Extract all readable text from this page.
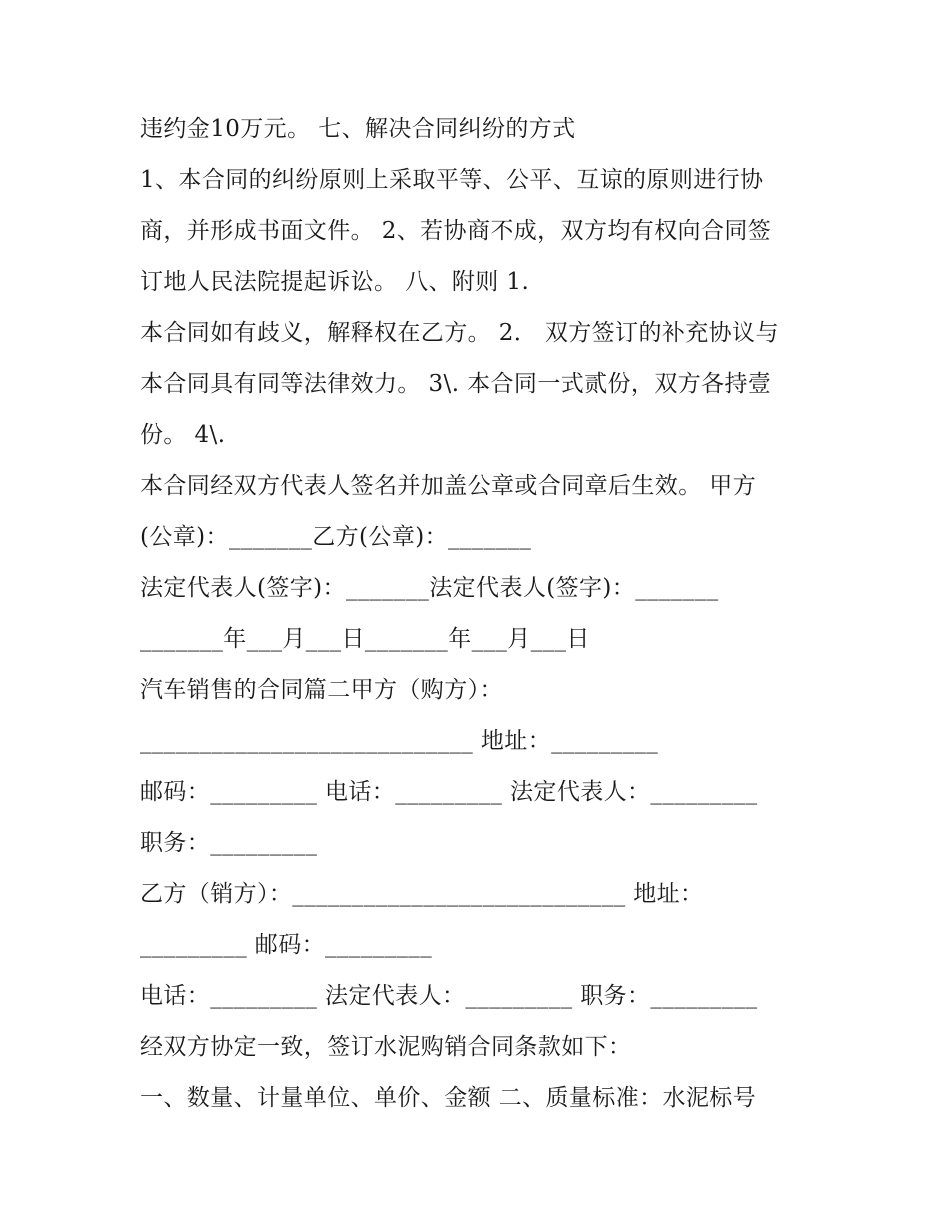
违约金10万元。 七、解决合同纠纷的方式
1、本合同的纠纷原则上采取平等、公平、互谅的原则进行协
商，并形成书面文件。 2、若协商不成，双方均有权向合同签
订地人民法院提起诉讼。 八、附则 1.
本合同如有歧义，解释权在乙方。 2． 双方签订的补充协议与
本合同具有同等法律效力。 3\. 本合同一式贰份，双方各持壹
份。 4\.
本合同经双方代表人签名并加盖公章或合同章后生效。 甲方
(公章)：_______乙方(公章)：_______
法定代表人(签字)：_______法定代表人(签字)：_______
_______年___月___日_______年___月___日
汽车销售的合同篇二甲方（购方）：
____________________________ 地址：_________
邮码：_________ 电话：_________ 法定代表人：_________
职务：_________
乙方（销方）：____________________________ 地址：
_________ 邮码：_________
电话：_________ 法定代表人：_________ 职务：_________
经双方协定一致，签订水泥购销合同条款如下：
一、数量、计量单位、单价、金额 二、质量标准：水泥标号
